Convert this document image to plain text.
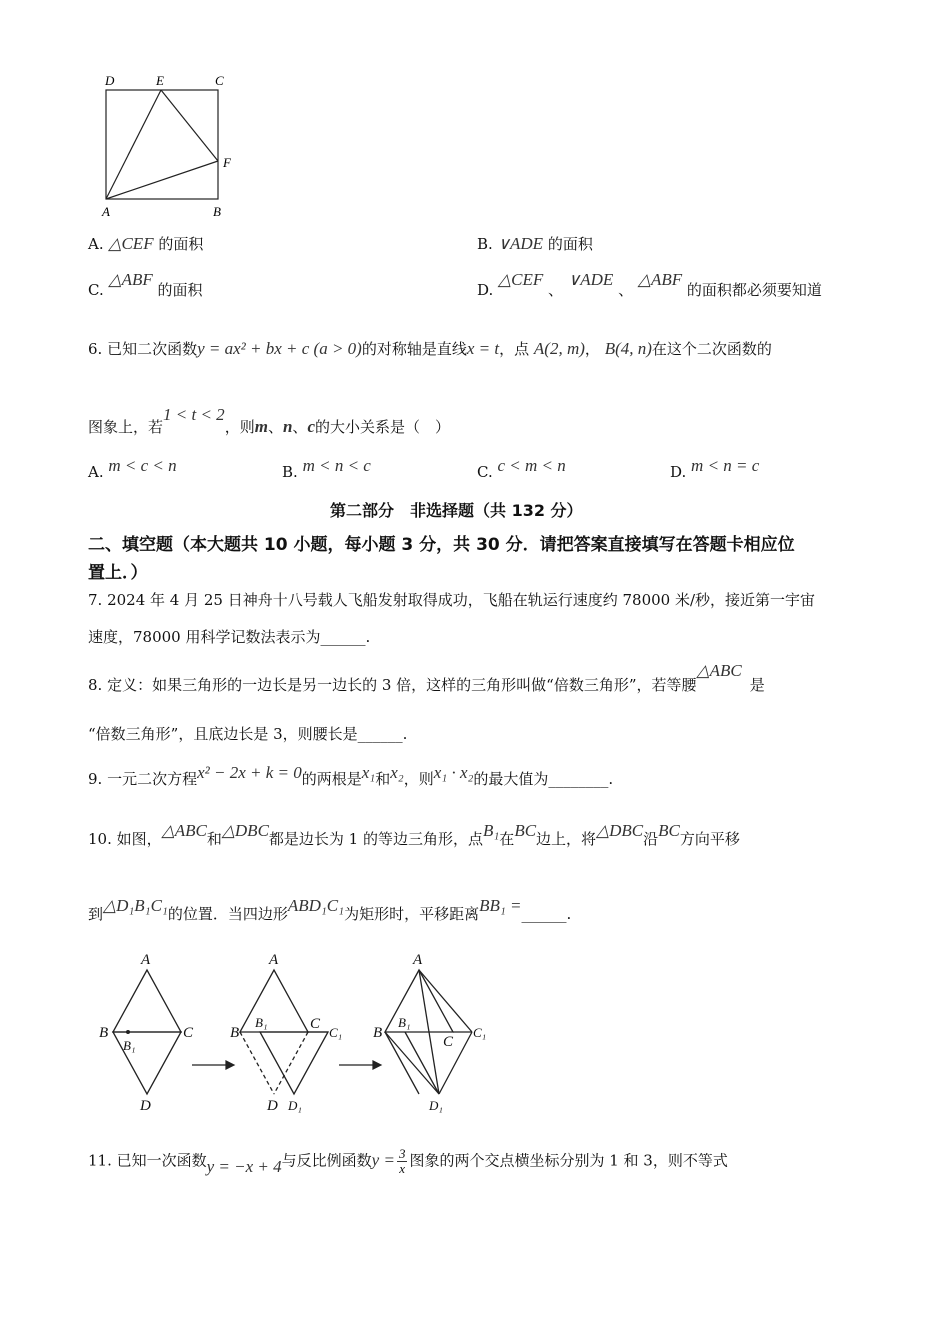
D	E	C
F
A	B
A. △CEF 的面积	B. ∨ADE 的面积
C. △ABF 的面积	D. △CEF 、 ∨ADE 、 △ABF 的面积都必须要知道
6. 已知二次函数y = ax² + bx + c (a > 0)的对称轴是直线x = t，点 A(2, m)， B(4, n)在这个二次函数的
图象上，若1 < t < 2，则m、n、c的大小关系是（　）
A. m < c < n	B. m < n < c	C. c < m < n	D. m < n = c
第二部分　非选择题（共 132 分）
二、填空题（本大题共 10 小题，每小题 3 分，共 30 分．请把答案直接填写在答题卡相应位
置上．）
7. 2024 年 4 月 25 日神舟十八号载人飞船发射取得成功，飞船在轨运行速度约 78000 米/秒，接近第一宇宙
速度，78000 用科学记数法表示为______.
8. 定义：如果三角形的一边长是另一边长的 3 倍，这样的三角形叫做“倍数三角形”，若等腰△ABC是
“倍数三角形”，且底边长是 3，则腰长是______.
9. 一元二次方程x² − 2x + k = 0的两根是x₁和x₂，则x₁ · x₂的最大值为________.
10. 如图，△ABC和△DBC都是边长为 1 的等边三角形，点B₁在BC边上，将△DBC沿BC方向平移
到△D₁B₁C₁的位置．当四边形ABD₁C₁为矩形时，平移距离BB₁ =______.
A
B	C
B₁
D
A
B
B₁	C
C₁
D D₁
A
B
B₁
C
C₁
D₁
11. 已知一次函数y = −x + 4与反比例函数$y = \frac{3}{x}$ 图象的两个交点横坐标分别为 1 和 3，则不等式
